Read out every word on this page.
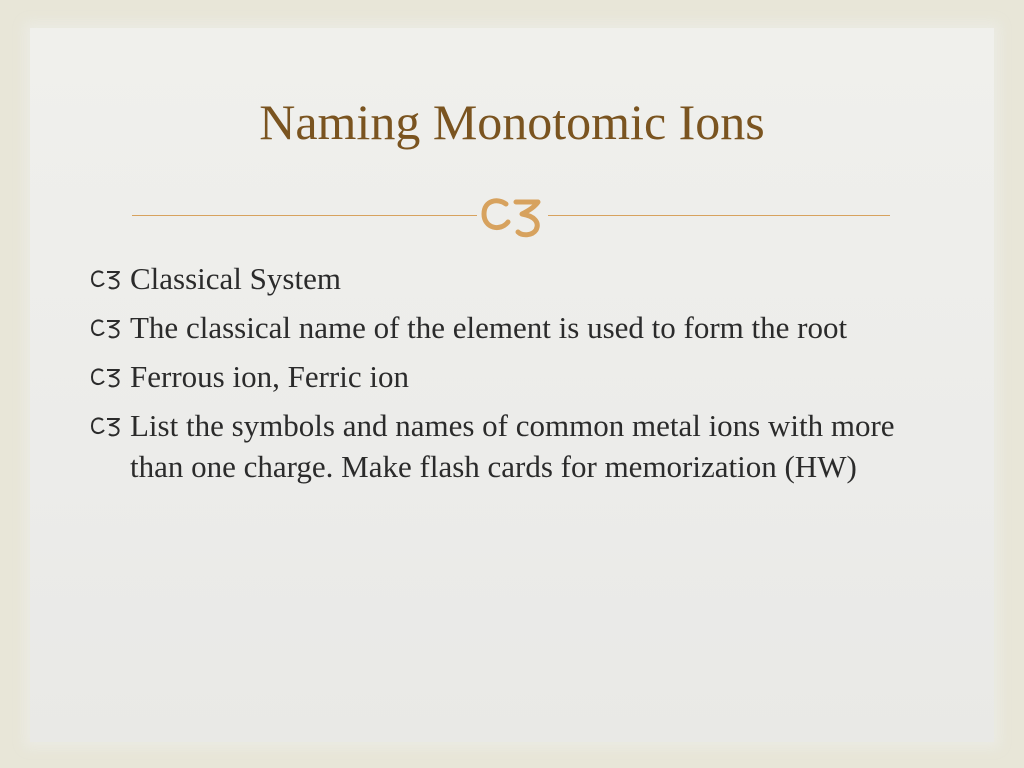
Naming Monotomic Ions
Classical System
The classical name of the element is used to form the root
Ferrous ion, Ferric ion
List the symbols and names of common metal ions with more than one charge. Make flash cards for memorization (HW)
